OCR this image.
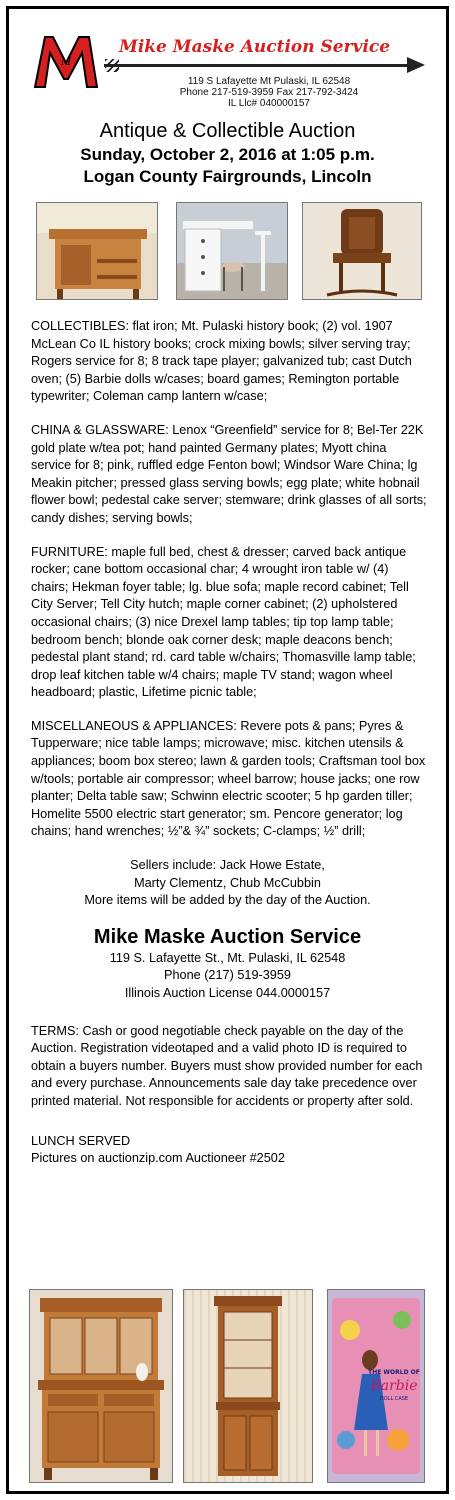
M
Mike Maske Auction Service
119 S Lafayette Mt Pulaski, IL 62548
Phone 217-519-3959 Fax 217-792-3424
IL Llc# 040000157
Antique & Collectible Auction
Sunday, October 2, 2016 at 1:05 p.m.
Logan County Fairgrounds, Lincoln

COLLECTIBLES: flat iron; Mt. Pulaski history book; (2) vol. 1907 McLean Co IL history books; crock mixing bowls; silver serving tray; Rogers service for 8; 8 track tape player; galvanized tub; cast Dutch oven; (5) Barbie dolls w/cases; board games; Remington portable typewriter; Coleman camp lantern w/case;

CHINA & GLASSWARE: Lenox “Greenfield” service for 8; Bel-Ter 22K gold plate w/tea pot; hand painted Germany plates; Myott china service for 8; pink, ruffled edge Fenton bowl; Windsor Ware China; lg Meakin pitcher; pressed glass serving bowls; egg plate; white hobnail flower bowl; pedestal cake server; stemware; drink glasses of all sorts; candy dishes; serving bowls;

FURNITURE: maple full bed, chest & dresser; carved back antique rocker; cane bottom occasional char; 4 wrought iron table w/ (4) chairs; Hekman foyer table; lg. blue sofa; maple record cabinet; Tell City Server; Tell City hutch; maple corner cabinet; (2) upholstered occasional chairs; (3) nice Drexel lamp tables; tip top lamp table; bedroom bench; blonde oak corner desk; maple deacons bench; pedestal plant stand; rd. card table w/chairs; Thomasville lamp table; drop leaf kitchen table w/4 chairs; maple TV stand; wagon wheel headboard; plastic, Lifetime picnic table;

MISCELLANEOUS & APPLIANCES: Revere pots & pans; Pyres & Tupperware; nice table lamps; microwave; misc. kitchen utensils & appliances; boom box stereo; lawn & garden tools; Craftsman tool box w/tools; portable air compressor; wheel barrow; house jacks; one row planter; Delta table saw; Schwinn electric scooter; 5 hp garden tiller; Homelite 5500 electric start generator; sm. Pencore generator; log chains; hand wrenches; ½”& ¾” sockets; C-clamps; ½” drill;

Sellers include: Jack Howe Estate,
Marty Clementz, Chub McCubbin
More items will be added by the day of the Auction.
Mike Maske Auction Service
119 S. Lafayette St., Mt. Pulaski, IL 62548
Phone (217) 519-3959
Illinois Auction License 044.0000157

TERMS: Cash or good negotiable check payable on the day of the Auction. Registration videotaped and a valid photo ID is required to obtain a buyers number. Buyers must show provided number for each and every purchase. Announcements sale day take precedence over printed material. Not responsible for accidents or property after sold.

LUNCH SERVED

Pictures on auctionzip.com Auctioneer #2502

THE WORLD OF
Barbie
DOLL CASE
